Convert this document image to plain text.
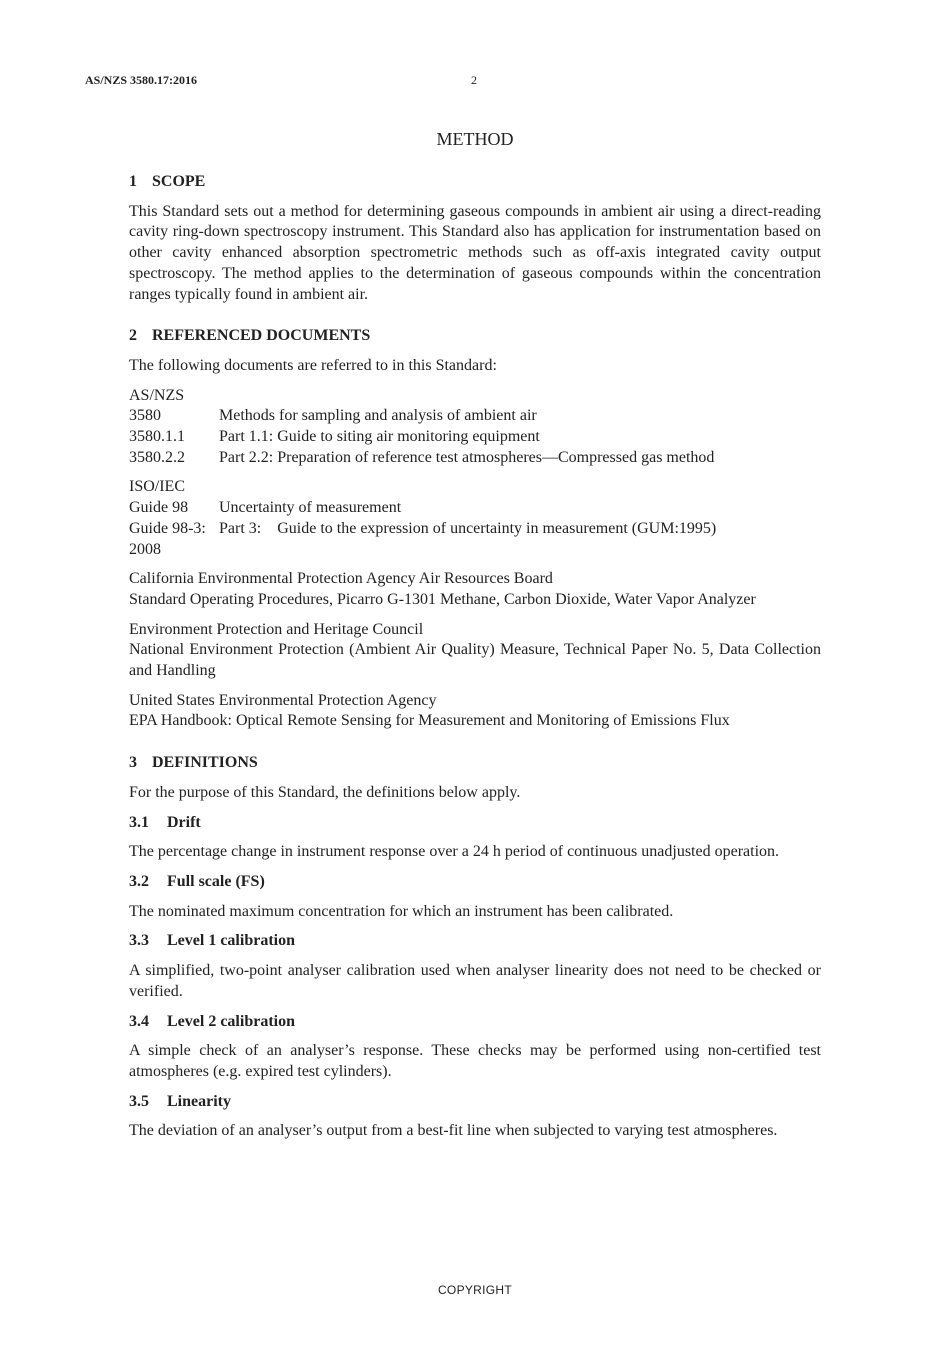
AS/NZS 3580.17:2016	2
METHOD
1 SCOPE

This Standard sets out a method for determining gaseous compounds in ambient air using a direct-reading cavity ring-down spectroscopy instrument. This Standard also has application for instrumentation based on other cavity enhanced absorption spectrometric methods such as off-axis integrated cavity output spectroscopy. The method applies to the determination of gaseous compounds within the concentration ranges typically found in ambient air.

2 REFERENCED DOCUMENTS

The following documents are referred to in this Standard:

AS/NZS
3580	Methods for sampling and analysis of ambient air
3580.1.1	Part 1.1: Guide to siting air monitoring equipment
3580.2.2	Part 2.2: Preparation of reference test atmospheres—Compressed gas method
ISO/IEC
Guide 98	Uncertainty of measurement
Guide 98-3: Part 3:    Guide to the expression of uncertainty in measurement (GUM:1995)
2008
California Environmental Protection Agency Air Resources Board

Standard Operating Procedures, Picarro G-1301 Methane, Carbon Dioxide, Water Vapor Analyzer

Environment Protection and Heritage Council

National Environment Protection (Ambient Air Quality) Measure, Technical Paper No. 5, Data Collection and Handling

United States Environmental Protection Agency

EPA Handbook: Optical Remote Sensing for Measurement and Monitoring of Emissions Flux

3 DEFINITIONS

For the purpose of this Standard, the definitions below apply.

3.1 Drift

The percentage change in instrument response over a 24 h period of continuous unadjusted operation.

3.2 Full scale (FS)

The nominated maximum concentration for which an instrument has been calibrated.

3.3 Level 1 calibration

A simplified, two-point analyser calibration used when analyser linearity does not need to be checked or verified.

3.4 Level 2 calibration

A simple check of an analyser’s response. These checks may be performed using non-certified test atmospheres (e.g. expired test cylinders).

3.5 Linearity

The deviation of an analyser’s output from a best-fit line when subjected to varying test atmospheres.

COPYRIGHT
